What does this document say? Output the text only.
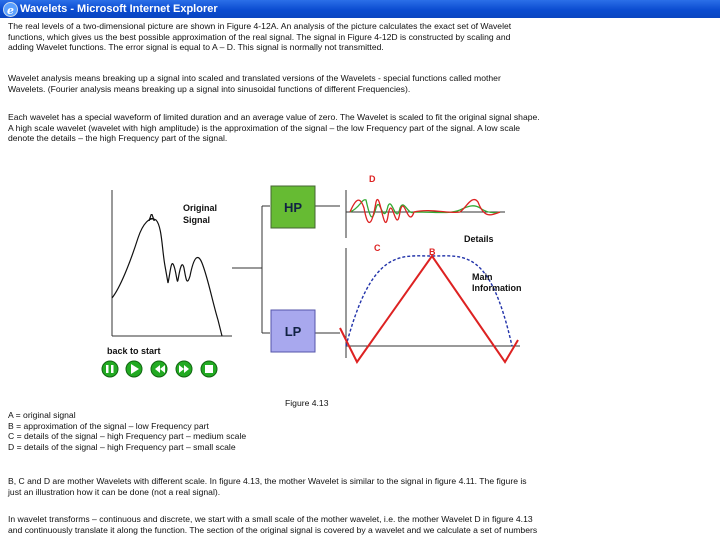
e Wavelets - Microsoft Internet Explorer

The real levels of a two-dimensional picture are shown in Figure 4-12A. An analysis of the picture calculates the exact set of Wavelet
functions, which gives us the best possible approximation of the real signal. The signal in Figure 4-12D is constructed by scaling and
adding Wavelet functions. The error signal is equal to A – D. This signal is normally not transmitted.

Wavelet analysis means breaking up a signal into scaled and translated versions of the Wavelets - special functions called mother
Wavelets. (Fourier analysis means breaking up a signal into sinusoidal functions of different Frequencies).

Each wavelet has a special waveform of limited duration and an average value of zero. The Wavelet is scaled to fit the original signal shape.
A high scale wavelet (wavelet with high amplitude) is the approximation of the signal – the low Frequency part of the signal. A low scale
denote the details – the high Frequency part of the signal.

A
Original
Signal
HP
LP
D
C
Details
B
Main
Information
back to start
Figure 4.13
A = original signal
B = approximation of the signal – low Frequency part
C = details of the signal – high Frequency part – medium scale
D = details of the signal – high Frequency part – small scale

B, C and D are mother Wavelets with different scale. In figure 4.13, the mother Wavelet is similar to the signal in figure 4.11. The figure is
just an illustration how it can be done (not a real signal).

In wavelet transforms – continuous and discrete, we start with a small scale of the mother wavelet, i.e. the mother Wavelet D in figure 4.13
and continuously translate it along the function. The section of the original signal is covered by a wavelet and we calculate a set of numbers
